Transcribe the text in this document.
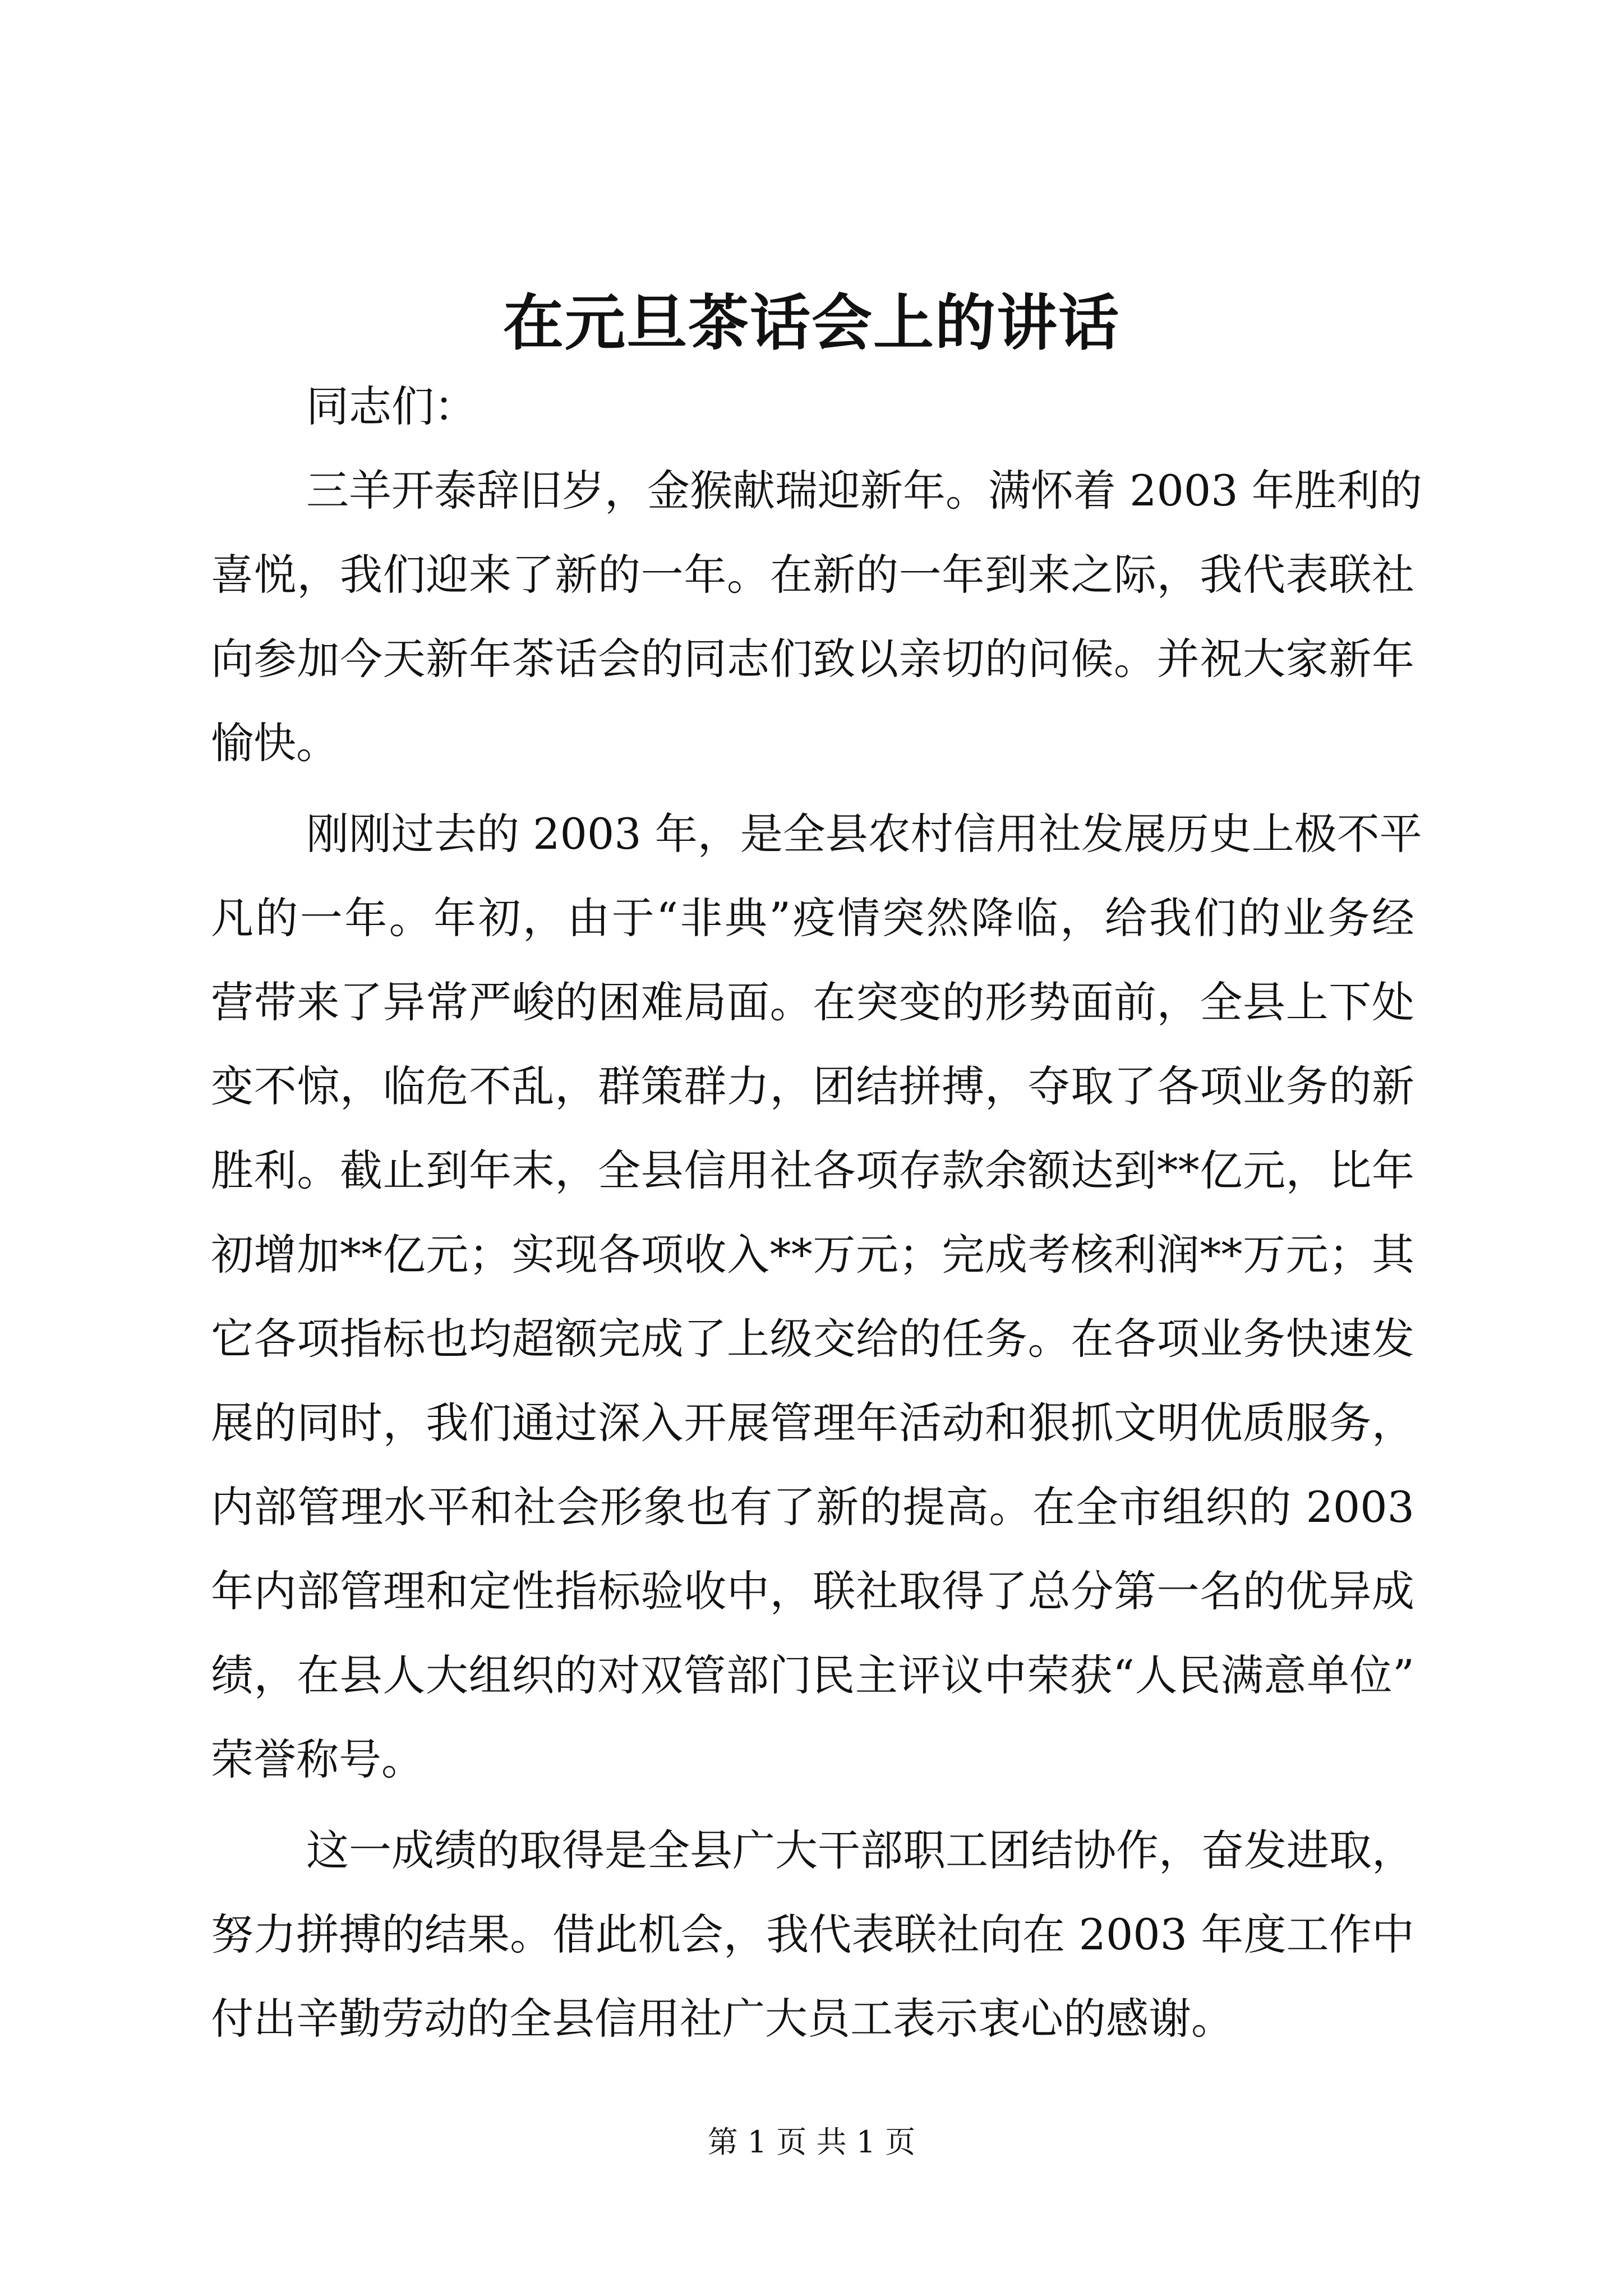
在元旦茶话会上的讲话
同志们：
三羊开泰辞旧岁，金猴献瑞迎新年。满怀着 2003 年胜利的
喜悦，我们迎来了新的一年。在新的一年到来之际，我代表联社
向参加今天新年茶话会的同志们致以亲切的问候。并祝大家新年
愉快。
刚刚过去的 2003 年，是全县农村信用社发展历史上极不平
凡的一年。年初，由于“非典”疫情突然降临，给我们的业务经
营带来了异常严峻的困难局面。在突变的形势面前，全县上下处
变不惊，临危不乱，群策群力，团结拼搏，夺取了各项业务的新
胜利。截止到年末，全县信用社各项存款余额达到**亿元，比年
初增加**亿元；实现各项收入**万元；完成考核利润**万元；其
它各项指标也均超额完成了上级交给的任务。在各项业务快速发
展的同时，我们通过深入开展管理年活动和狠抓文明优质服务，
内部管理水平和社会形象也有了新的提高。在全市组织的 2003
年内部管理和定性指标验收中，联社取得了总分第一名的优异成
绩，在县人大组织的对双管部门民主评议中荣获“人民满意单位”
荣誉称号。
这一成绩的取得是全县广大干部职工团结协作，奋发进取，
努力拼搏的结果。借此机会，我代表联社向在 2003 年度工作中
付出辛勤劳动的全县信用社广大员工表示衷心的感谢。
第 1 页 共 1 页
